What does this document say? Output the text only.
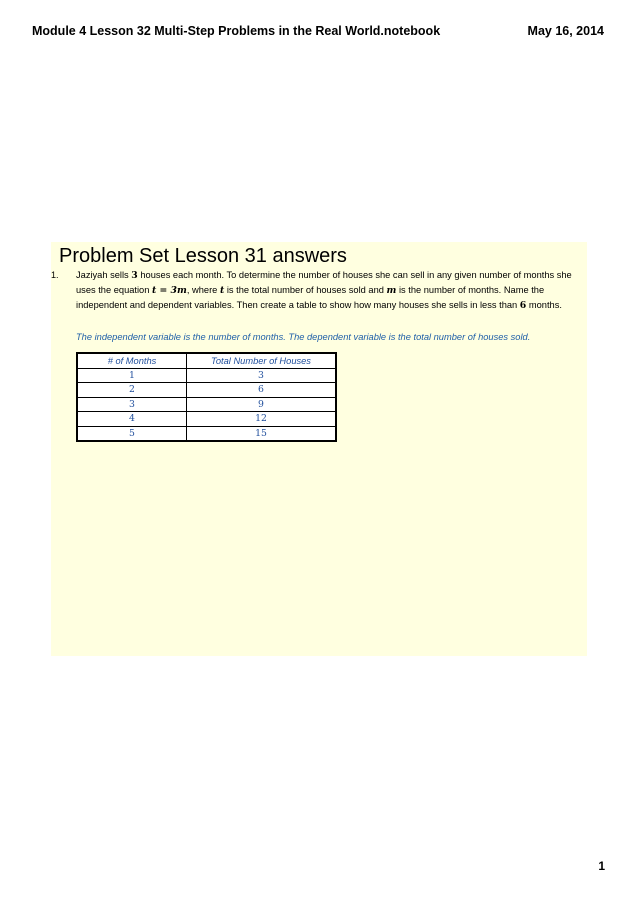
Module 4 Lesson 32 Multi-Step Problems in the Real World.notebook	May 16, 2014
Problem Set Lesson 31 answers
1. Jaziyah sells 3 houses each month. To determine the number of houses she can sell in any given number of months she uses the equation t = 3m, where t is the total number of houses sold and m is the number of months. Name the independent and dependent variables. Then create a table to show how many houses she sells in less than 6 months.
The independent variable is the number of months. The dependent variable is the total number of houses sold.
# of Months	Total Number of Houses
1	3
2	6
3	9
4	12
5	15
1
